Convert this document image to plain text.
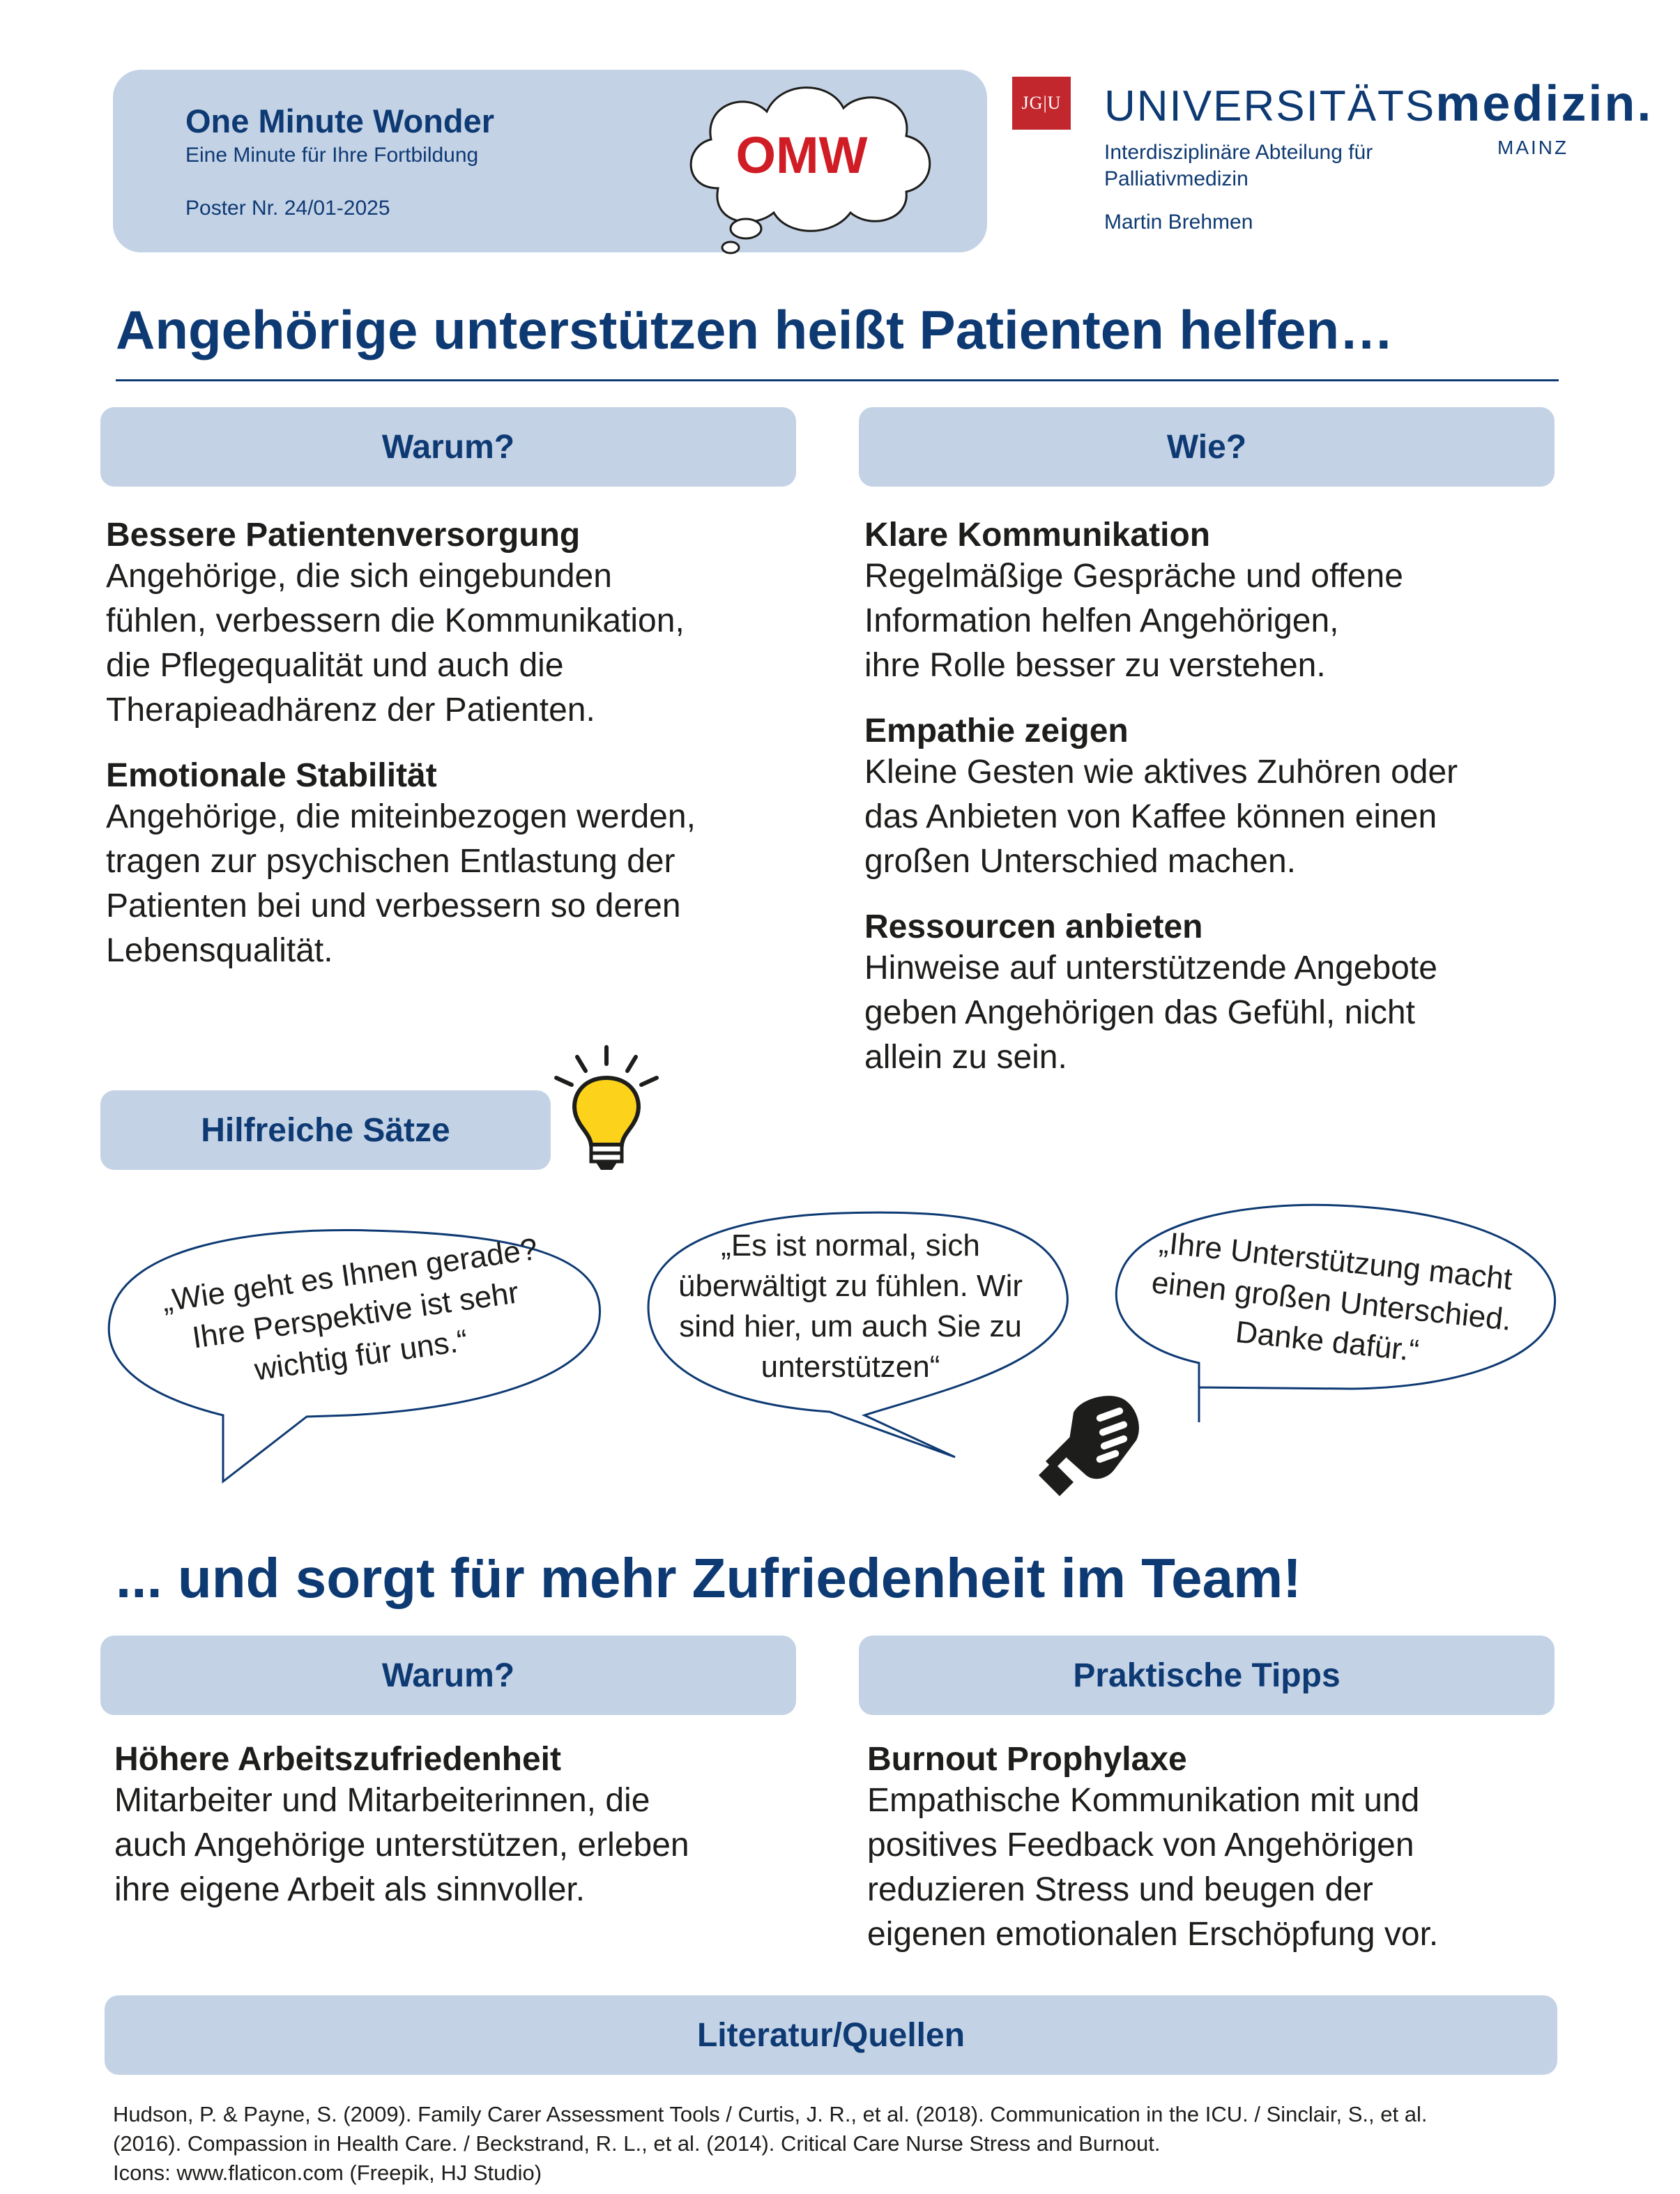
One Minute Wonder
Eine Minute für Ihre Fortbildung
Poster Nr. 24/01-2025
OMW
JG|U UNIVERSITÄTSmedizin.
MAINZ
Interdisziplinäre Abteilung für
Palliativmedizin
Martin Brehmen
Angehörige unterstützen heißt Patienten helfen…
Warum?	Wie?
Bessere Patientenversorgung
Angehörige, die sich eingebunden
fühlen, verbessern die Kommunikation,
die Pflegequalität und auch die
Therapieadhärenz der Patienten.
Emotionale Stabilität
Angehörige, die miteinbezogen werden,
tragen zur psychischen Entlastung der
Patienten bei und verbessern so deren
Lebensqualität.
Klare Kommunikation
Regelmäßige Gespräche und offene
Information helfen Angehörigen,
ihre Rolle besser zu verstehen.
Empathie zeigen
Kleine Gesten wie aktives Zuhören oder
das Anbieten von Kaffee können einen
großen Unterschied machen.
Ressourcen anbieten
Hinweise auf unterstützende Angebote
geben Angehörigen das Gefühl, nicht
allein zu sein.
Hilfreiche Sätze
„Wie geht es Ihnen gerade?
Ihre Perspektive ist sehr
wichtig für uns.“
„Es ist normal, sich
überwältigt zu fühlen. Wir
sind hier, um auch Sie zu
unterstützen“
„Ihre Unterstützung macht
einen großen Unterschied.
Danke dafür.“
... und sorgt für mehr Zufriedenheit im Team!
Warum?	Praktische Tipps
Höhere Arbeitszufriedenheit
Mitarbeiter und Mitarbeiterinnen, die
auch Angehörige unterstützen, erleben
ihre eigene Arbeit als sinnvoller.
Burnout Prophylaxe
Empathische Kommunikation mit und
positives Feedback von Angehörigen
reduzieren Stress und beugen der
eigenen emotionalen Erschöpfung vor.
Literatur/Quellen
Hudson, P. & Payne, S. (2009). Family Carer Assessment Tools / Curtis, J. R., et al. (2018). Communication in the ICU. / Sinclair, S., et al.
(2016). Compassion in Health Care. / Beckstrand, R. L., et al. (2014). Critical Care Nurse Stress and Burnout.
Icons: www.flaticon.com (Freepik, HJ Studio)
